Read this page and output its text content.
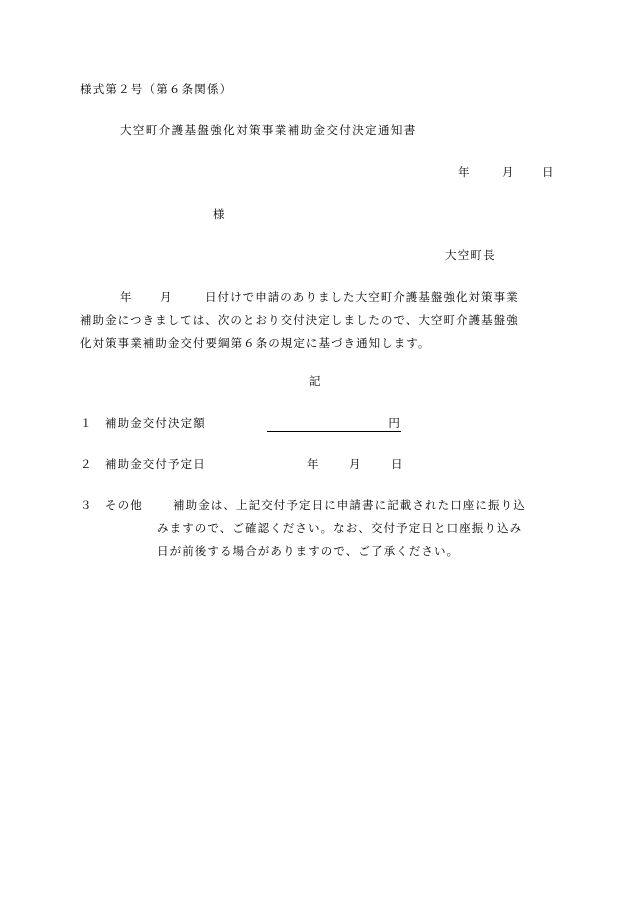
様式第２号（第６条関係）
大空町介護基盤強化対策事業補助金交付決定通知書
年	月 日
様
大空町長
年 月	日付けで申請のありました大空町介護基盤強化対策事業
補助金につきましては、次のとおり交付決定しましたので、大空町介護基盤強
化対策事業補助金交付要綱第６条の規定に基づき通知します。
記
１ 補助金交付決定額	円
２ 補助金交付予定日	年	月	日
３ その他	補助金は、上記交付予定日に申請書に記載された口座に振り込
みますので、ご確認ください。なお、交付予定日と口座振り込み
日が前後する場合がありますので、ご了承ください。
